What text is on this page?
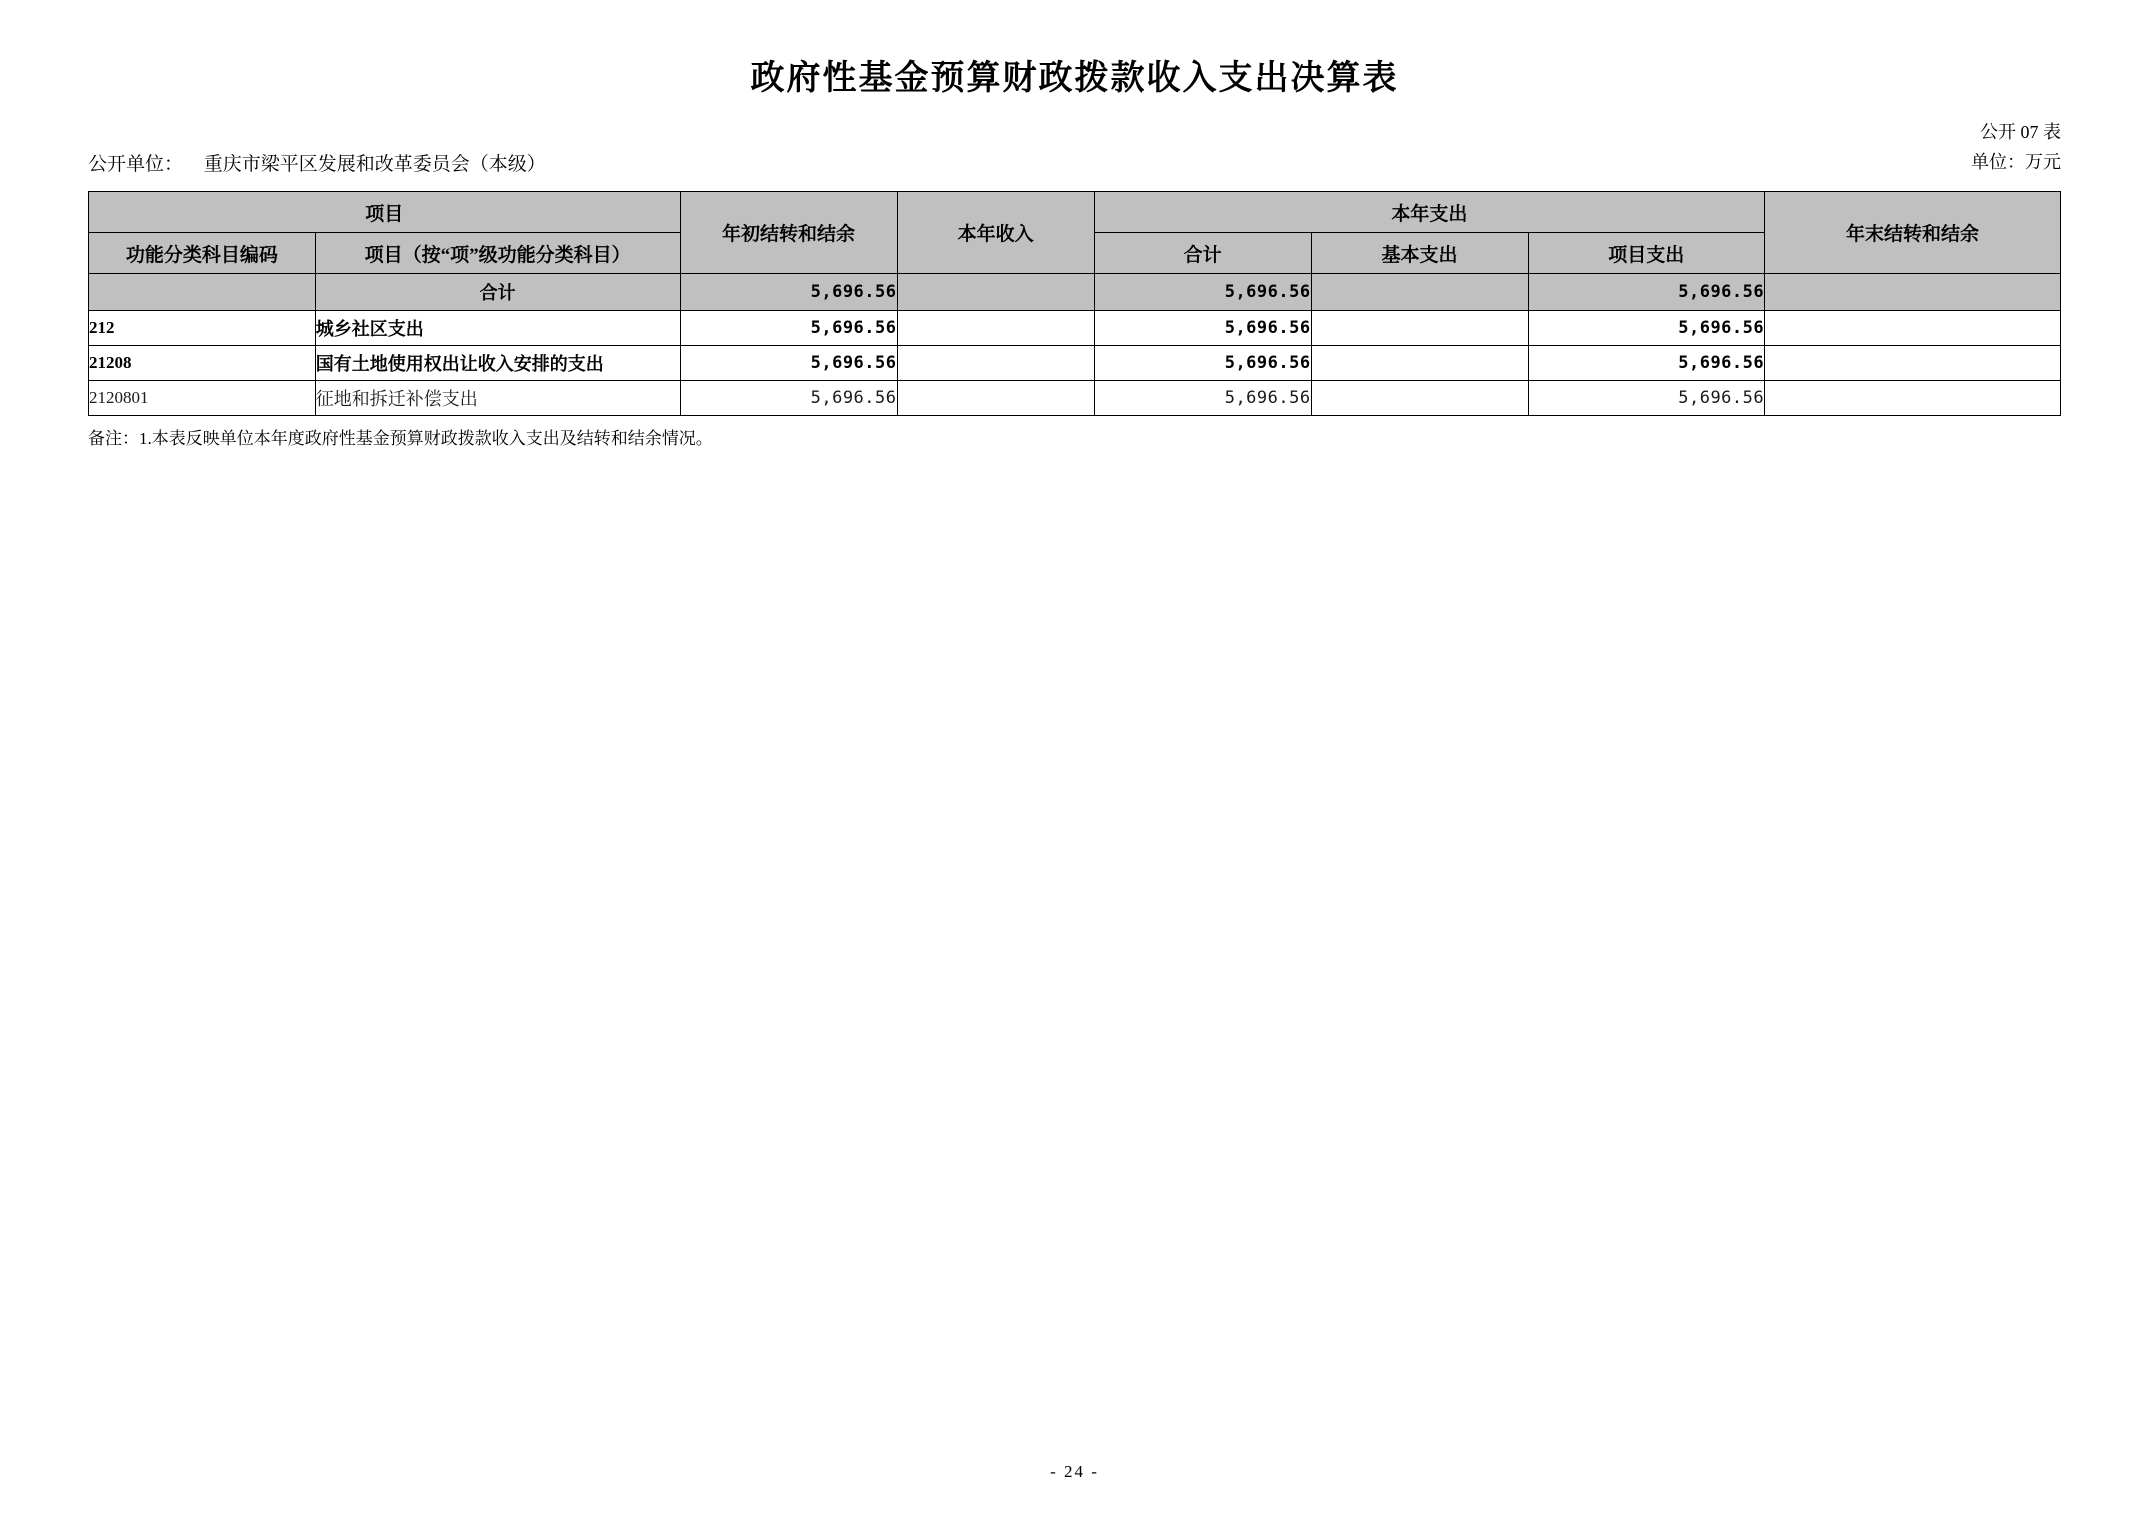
政府性基金预算财政拨款收入支出决算表
公开单位： 重庆市梁平区发展和改革委员会（本级）
公开 07 表
单位：万元
项目		年初结转和结余	本年收入	本年支出			年末结转和结余
功能分类科目编码	项目（按“项”级功能分类科目）			合计	基本支出	项目支出	
	合计	5,696.56		5,696.56		5,696.56	
212	城乡社区支出	5,696.56		5,696.56		5,696.56	
21208	国有土地使用权出让收入安排的支出	5,696.56		5,696.56		5,696.56	
2120801	征地和拆迁补偿支出	5,696.56		5,696.56		5,696.56	
备注：1.本表反映单位本年度政府性基金预算财政拨款收入支出及结转和结余情况。
- 24 -
